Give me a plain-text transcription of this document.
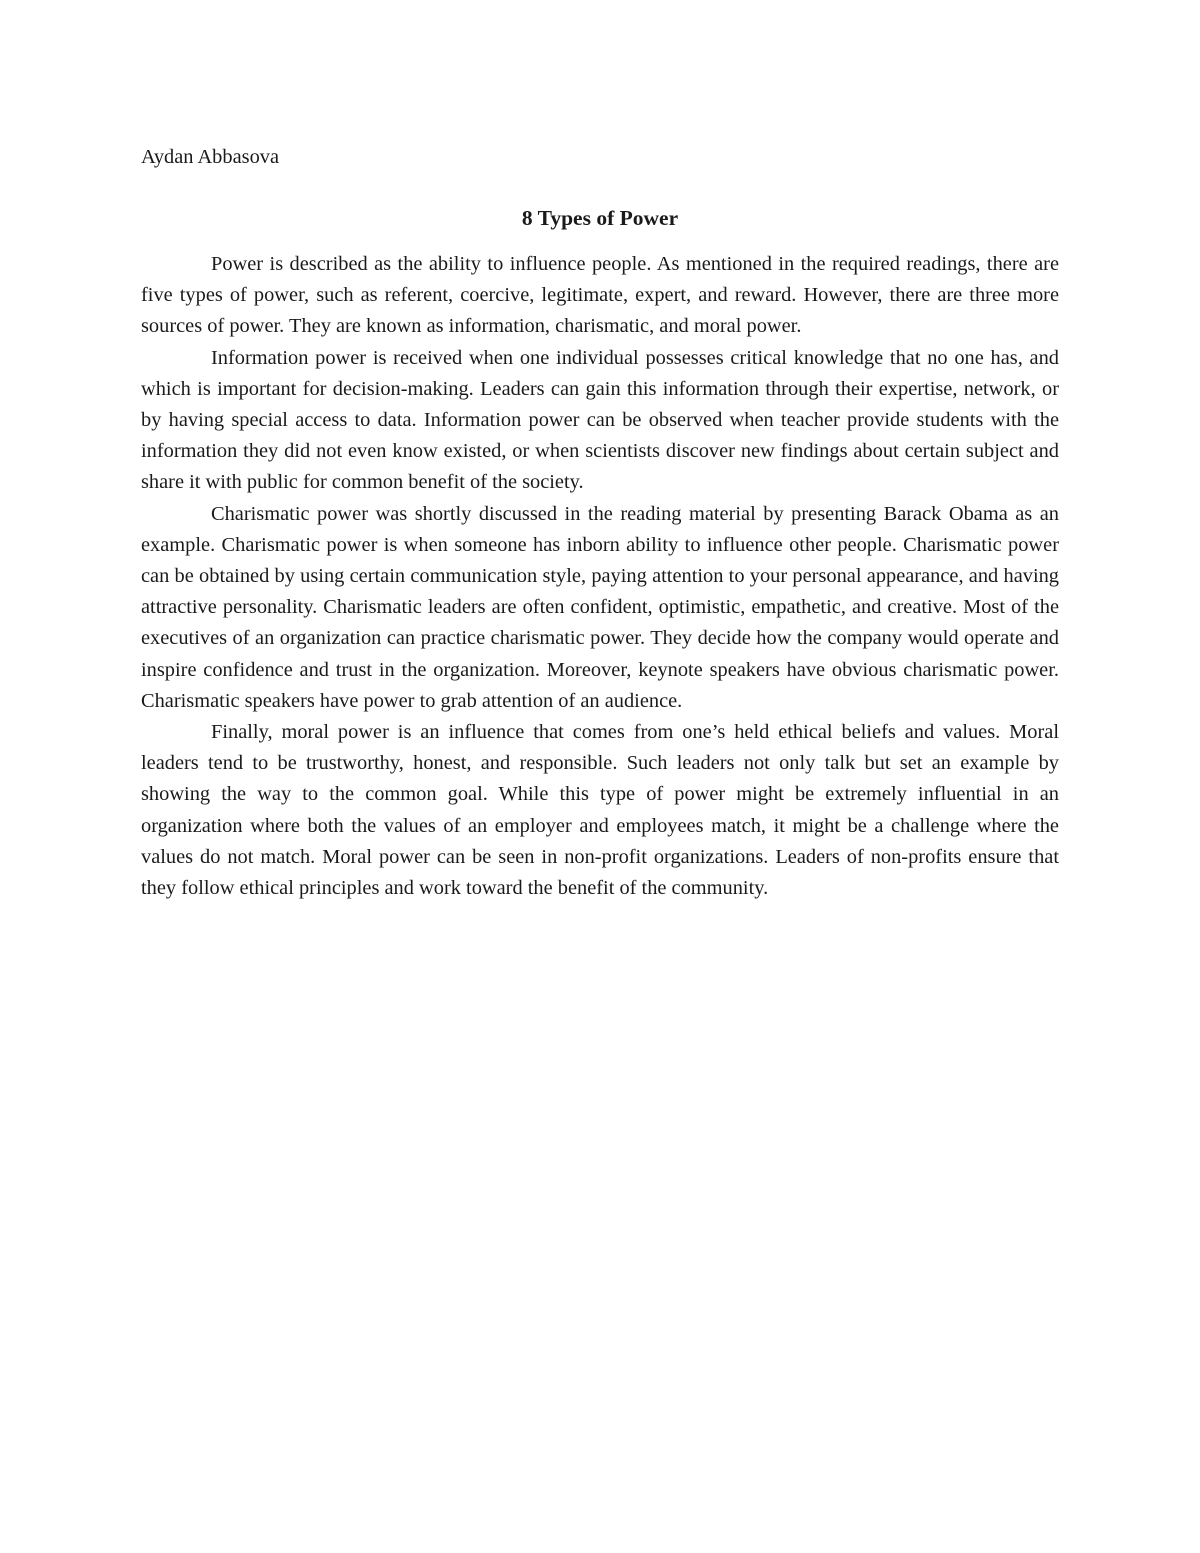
Aydan Abbasova

8 Types of Power

Power is described as the ability to influence people. As mentioned in the required readings, there are five types of power, such as referent, coercive, legitimate, expert, and reward. However, there are three more sources of power. They are known as information, charismatic, and moral power.

Information power is received when one individual possesses critical knowledge that no one has, and which is important for decision-making. Leaders can gain this information through their expertise, network, or by having special access to data. Information power can be observed when teacher provide students with the information they did not even know existed, or when scientists discover new findings about certain subject and share it with public for common benefit of the society.

Charismatic power was shortly discussed in the reading material by presenting Barack Obama as an example. Charismatic power is when someone has inborn ability to influence other people. Charismatic power can be obtained by using certain communication style, paying attention to your personal appearance, and having attractive personality. Charismatic leaders are often confident, optimistic, empathetic, and creative. Most of the executives of an organization can practice charismatic power. They decide how the company would operate and inspire confidence and trust in the organization. Moreover, keynote speakers have obvious charismatic power. Charismatic speakers have power to grab attention of an audience.

Finally, moral power is an influence that comes from one’s held ethical beliefs and values. Moral leaders tend to be trustworthy, honest, and responsible. Such leaders not only talk but set an example by showing the way to the common goal. While this type of power might be extremely influential in an organization where both the values of an employer and employees match, it might be a challenge where the values do not match. Moral power can be seen in non-profit organizations. Leaders of non-profits ensure that they follow ethical principles and work toward the benefit of the community.
